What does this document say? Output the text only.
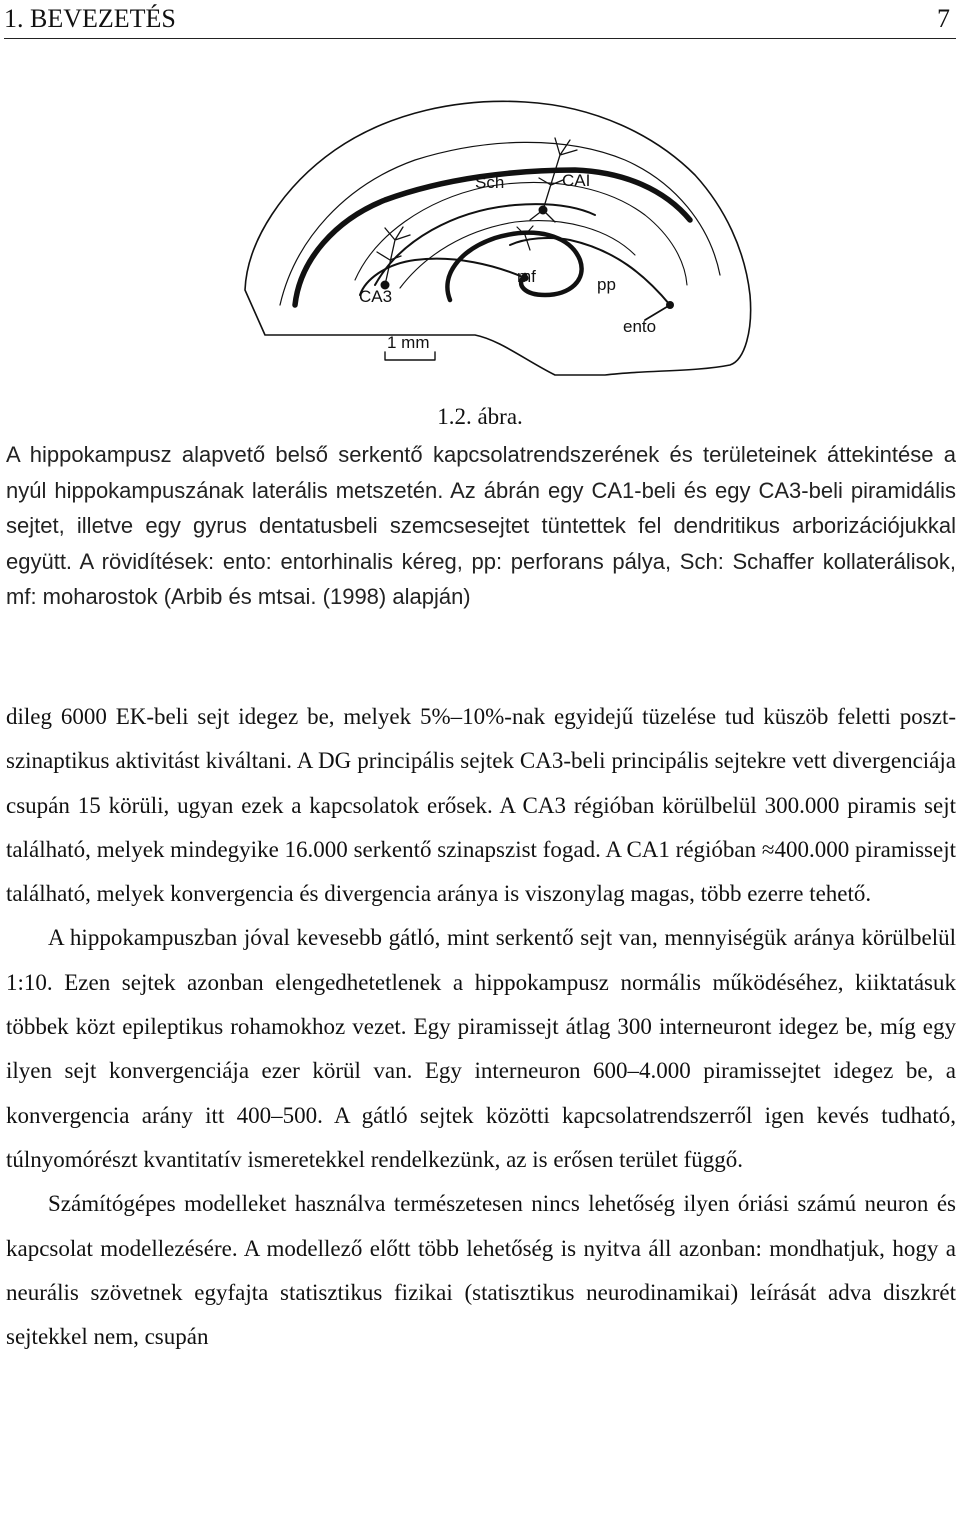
1. BEVEZETÉS	7
Sch	CAI
CA3
mf	pp
ento
1 mm
1.2. ábra.
A hippokampusz alapvető belső serkentő kapcsolatrendszerének és területeinek áttekintése a nyúl hippokampuszának laterális metszetén. Az ábrán egy CA1-beli és egy CA3-beli piramidális sejtet, illetve egy gyrus dentatusbeli szemcsesejtet tüntettek fel dendritikus arborizációjukkal együtt. A rövidítések: ento: entorhinalis kéreg, pp: perforans pálya, Sch: Schaffer kollaterálisok, mf: moharostok (Arbib és mtsai. (1998) alapján)

dileg 6000 EK-beli sejt idegez be, melyek 5%–10%-nak egyidejű tüzelése tud küszöb feletti poszt-szinaptikus aktivitást kiváltani. A DG principális sejtek CA3-beli principális sejtekre vett divergenciája csupán 15 körüli, ugyan ezek a kapcsolatok erősek. A CA3 régióban körülbelül 300.000 piramis sejt található, melyek mindegyike 16.000 serkentő szinapszist fogad. A CA1 régióban ≈400.000 piramissejt található, melyek konvergencia és divergencia aránya is viszonylag magas, több ezerre tehető.

A hippokampuszban jóval kevesebb gátló, mint serkentő sejt van, mennyiségük aránya körülbelül 1:10. Ezen sejtek azonban elengedhetetlenek a hippokampusz normális működéséhez, kiiktatásuk többek közt epileptikus rohamokhoz vezet. Egy piramissejt átlag 300 interneuront idegez be, míg egy ilyen sejt konvergenciája ezer körül van. Egy interneuron 600–4.000 piramissejtet idegez be, a konvergencia arány itt 400–500. A gátló sejtek közötti kapcsolatrendszerről igen kevés tudható, túlnyomórészt kvantitatív ismeretekkel rendelkezünk, az is erősen terület függő.

Számítógépes modelleket használva természetesen nincs lehetőség ilyen óriási számú neuron és kapcsolat modellezésére. A modellező előtt több lehetőség is nyitva áll azonban: mondhatjuk, hogy a neurális szövetnek egyfajta statisztikus fizikai (statisztikus neurodinamikai) leírását adva diszkrét sejtekkel nem, csupán
